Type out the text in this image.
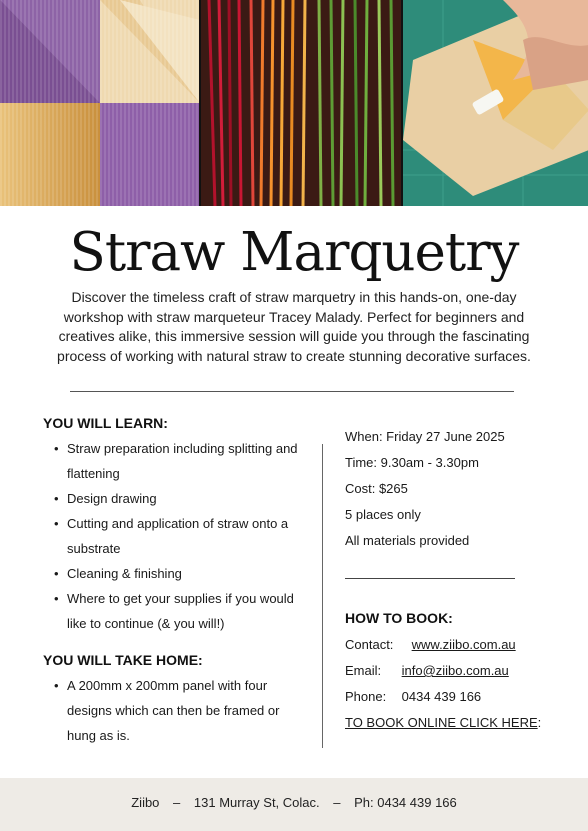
Straw Marquetry

Discover the timeless craft of straw marquetry in this hands-on, one-day workshop with straw marqueteur Tracey Malady. Perfect for beginners and creatives alike, this immersive session will guide you through the fascinating process of working with natural straw to create stunning decorative surfaces.

YOU WILL LEARN:
• Straw preparation including splitting and flattening
• Design drawing
• Cutting and application of straw onto a substrate
• Cleaning & finishing
• Where to get your supplies if you would like to continue (& you will!)
YOU WILL TAKE HOME:
• A 200mm x 200mm panel with four designs which can then be framed or hung as is.
When: Friday 27 June 2025
Time: 9.30am - 3.30pm
Cost: $265
5 places only
All materials provided
HOW TO BOOK:
Contact: www.ziibo.com.au
Email: info@ziibo.com.au
Phone: 0434 439 166
TO BOOK ONLINE CLICK HERE:
Ziibo – 131 Murray St, Colac. – Ph: 0434 439 166
